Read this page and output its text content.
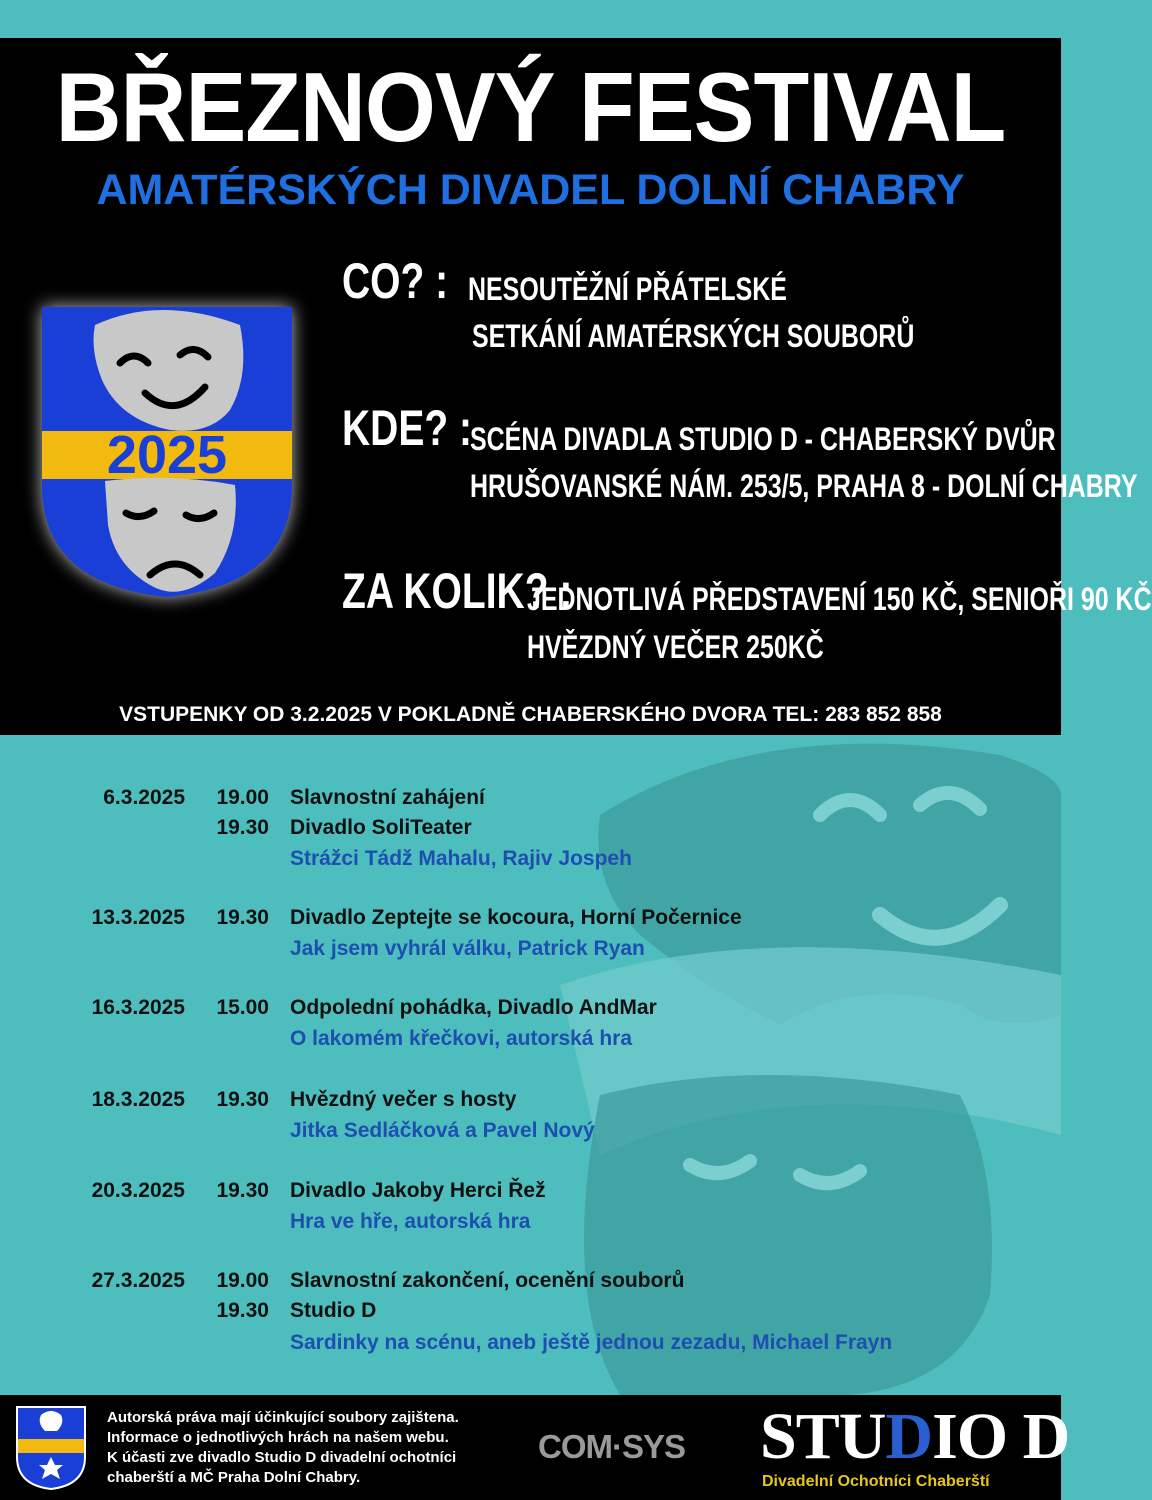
BŘEZNOVÝ FESTIVAL
AMATÉRSKÝCH DIVADEL DOLNÍ CHABRY
2025
CO? : NESOUTĚŽNÍ PŘÁTELSKÉ
SETKÁNÍ AMATÉRSKÝCH SOUBORŮ
KDE? :
SCÉNA DIVADLA STUDIO D - CHABERSKÝ DVŮR
HRUŠOVANSKÉ NÁM. 253/5, PRAHA 8 - DOLNÍ CHABRY
ZA KOLIK? :
JEDNOTLIVÁ PŘEDSTAVENÍ 150 KČ, SENIOŘI 90 KČ
HVĚZDNÝ VEČER 250KČ
VSTUPENKY OD 3.2.2025 V POKLADNĚ CHABERSKÉHO DVORA TEL: 283 852 858
6.3.2025	19.00 Slavnostní zahájení
19.30 Divadlo SoliTeater
Strážci Tádž Mahalu, Rajiv Jospeh
13.3.2025	19.30 Divadlo Zeptejte se kocoura, Horní Počernice
Jak jsem vyhrál válku, Patrick Ryan
16.3.2025	15.00 Odpolední pohádka, Divadlo AndMar
O lakomém křečkovi, autorská hra
18.3.2025	19.30 Hvězdný večer s hosty
Jitka Sedláčková a Pavel Nový
20.3.2025	19.30 Divadlo Jakoby Herci Řež
Hra ve hře, autorská hra
27.3.2025	19.00 Slavnostní zakončení, ocenění souborů
19.30 Studio D
Sardinky na scénu, aneb ještě jednou zezadu, Michael Frayn
Autorská práva mají účinkující soubory zajištena.
Informace o jednotlivých hrách na našem webu.
K účasti zve divadlo Studio D divadelní ochotníci
chaberští a MČ Praha Dolní Chabry.
COM·SYS STUDIO D
Divadelní Ochotníci Chaberští
